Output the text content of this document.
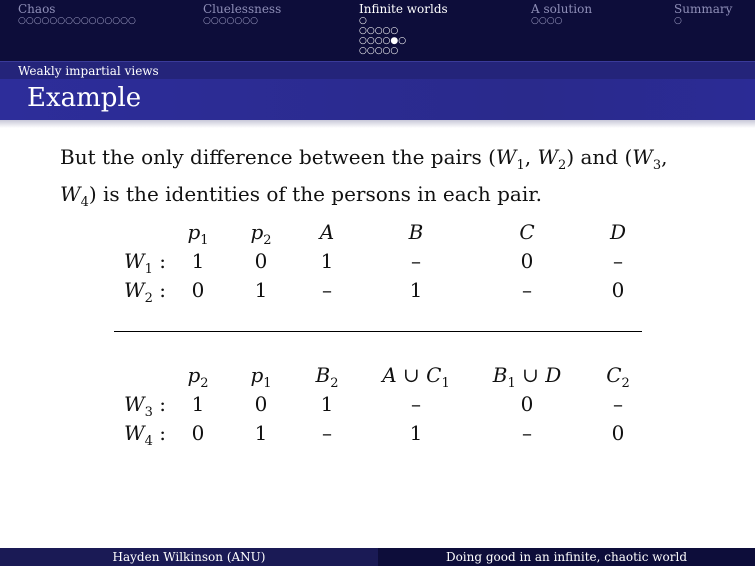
Chaos
○○○○○○○○○○○○○○○
Cluelessness
○○○○○○○
Infinite worlds
○
○○○○○
○○○○●○
○○○○○
A solution
○○○○
Summary
○
Weakly impartial views
Example
But the only difference between the pairs ($W_1$, $W_2$) and ($W_3$, $W_4$) is the identities of the persons in each pair.
$p_1$	$p_2$	A	B	C	D
$W_1$ :	1	0	1	–	0	–
$W_2$ :	0	1	–	1	–	0
$p_2$	$p_1$	$B_2$	A ∪ $C_1$	$B_1$ ∪ D	$C_2$
$W_3$ :	1	0	1	–	0	–
$W_4$ :	0	1	–	1	–	0
Hayden Wilkinson (ANU)	Doing good in an infinite, chaotic world
